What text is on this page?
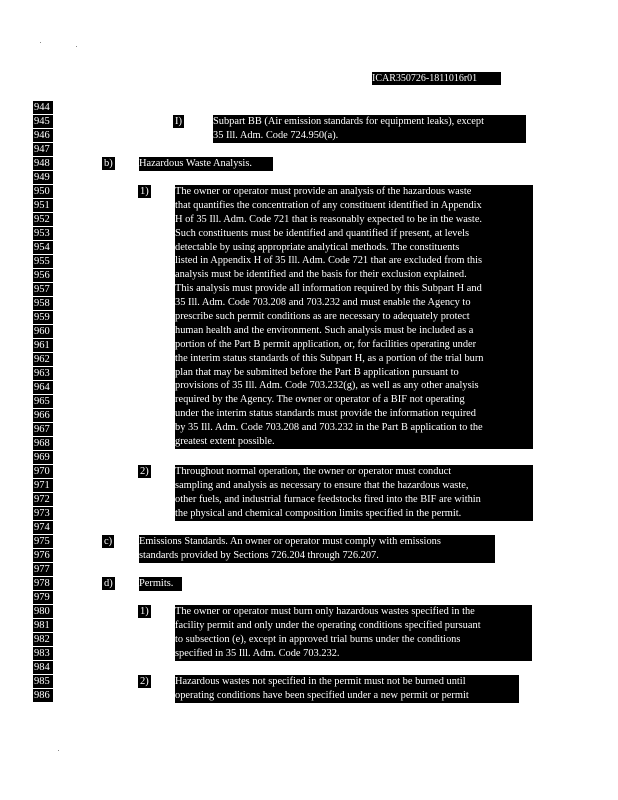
ICAR350726-1811016r01
944
945
946
947
948
949
950
951
952
953
954
955
956
957
958
959
960
961
962
963
964
965
966
967
968
969
970
971
972
973
974
975
976
977
978
979
980
981
982
983
984
985
986
I)	Subpart BB (Air emission standards for equipment leaks), except
35 Ill. Adm. Code 724.950(a).
b)	Hazardous Waste Analysis.
1)	The owner or operator must provide an analysis of the hazardous waste
that quantifies the concentration of any constituent identified in Appendix
H of 35 Ill. Adm. Code 721 that is reasonably expected to be in the waste.
Such constituents must be identified and quantified if present, at levels
detectable by using appropriate analytical methods. The constituents
listed in Appendix H of 35 Ill. Adm. Code 721 that are excluded from this
analysis must be identified and the basis for their exclusion explained.
This analysis must provide all information required by this Subpart H and
35 Ill. Adm. Code 703.208 and 703.232 and must enable the Agency to
prescribe such permit conditions as are necessary to adequately protect
human health and the environment. Such analysis must be included as a
portion of the Part B permit application, or, for facilities operating under
the interim status standards of this Subpart H, as a portion of the trial burn
plan that may be submitted before the Part B application pursuant to
provisions of 35 Ill. Adm. Code 703.232(g), as well as any other analysis
required by the Agency. The owner or operator of a BIF not operating
under the interim status standards must provide the information required
by 35 Ill. Adm. Code 703.208 and 703.232 in the Part B application to the
greatest extent possible.
2)	Throughout normal operation, the owner or operator must conduct
sampling and analysis as necessary to ensure that the hazardous waste,
other fuels, and industrial furnace feedstocks fired into the BIF are within
the physical and chemical composition limits specified in the permit.
c)	Emissions Standards. An owner or operator must comply with emissions
standards provided by Sections 726.204 through 726.207.
d)	Permits.
1)	The owner or operator must burn only hazardous wastes specified in the
facility permit and only under the operating conditions specified pursuant
to subsection (e), except in approved trial burns under the conditions
specified in 35 Ill. Adm. Code 703.232.
2)	Hazardous wastes not specified in the permit must not be burned until
operating conditions have been specified under a new permit or permit
